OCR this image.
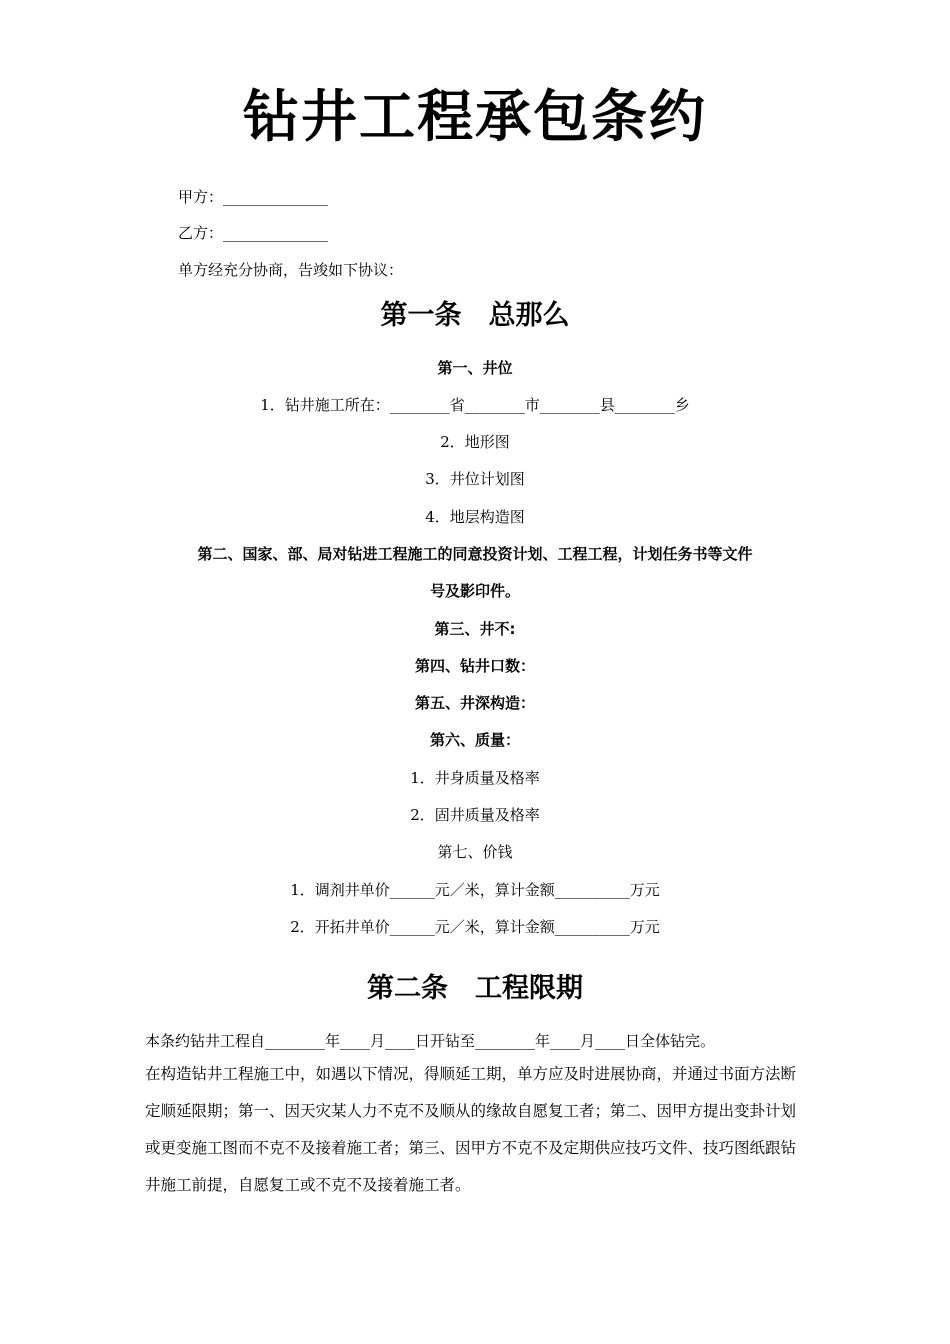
钻井工程承包条约
甲方：______________
乙方：______________
单方经充分协商，告竣如下协议：
第一条　总那么
第一、井位
1．钻井施工所在：________省________市________县________乡
2．地形图
3．井位计划图
4．地层构造图
第二、国家、部、局对钻进工程施工的同意投资计划、工程工程，计划任务书等文件
号及影印件。
第三、井不:
第四、钻井口数：
第五、井深构造：
第六、质量：
1．井身质量及格率
2．固井质量及格率
第七、价钱
1．调剂井单价______元／米，算计金额__________万元
2．开拓井单价______元／米，算计金额__________万元
第二条　工程限期
本条约钻井工程自________年____月____日开钻至________年____月____日全体钻完。
在构造钻井工程施工中，如遇以下情况，得顺延工期，单方应及时进展协商，并通过书面方法断定顺延限期；第一、因天灾某人力不克不及顺从的缘故自愿复工者；第二、因甲方提出变卦计划或更变施工图而不克不及接着施工者；第三、因甲方不克不及定期供应技巧文件、技巧图纸跟钻井施工前提，自愿复工或不克不及接着施工者。
